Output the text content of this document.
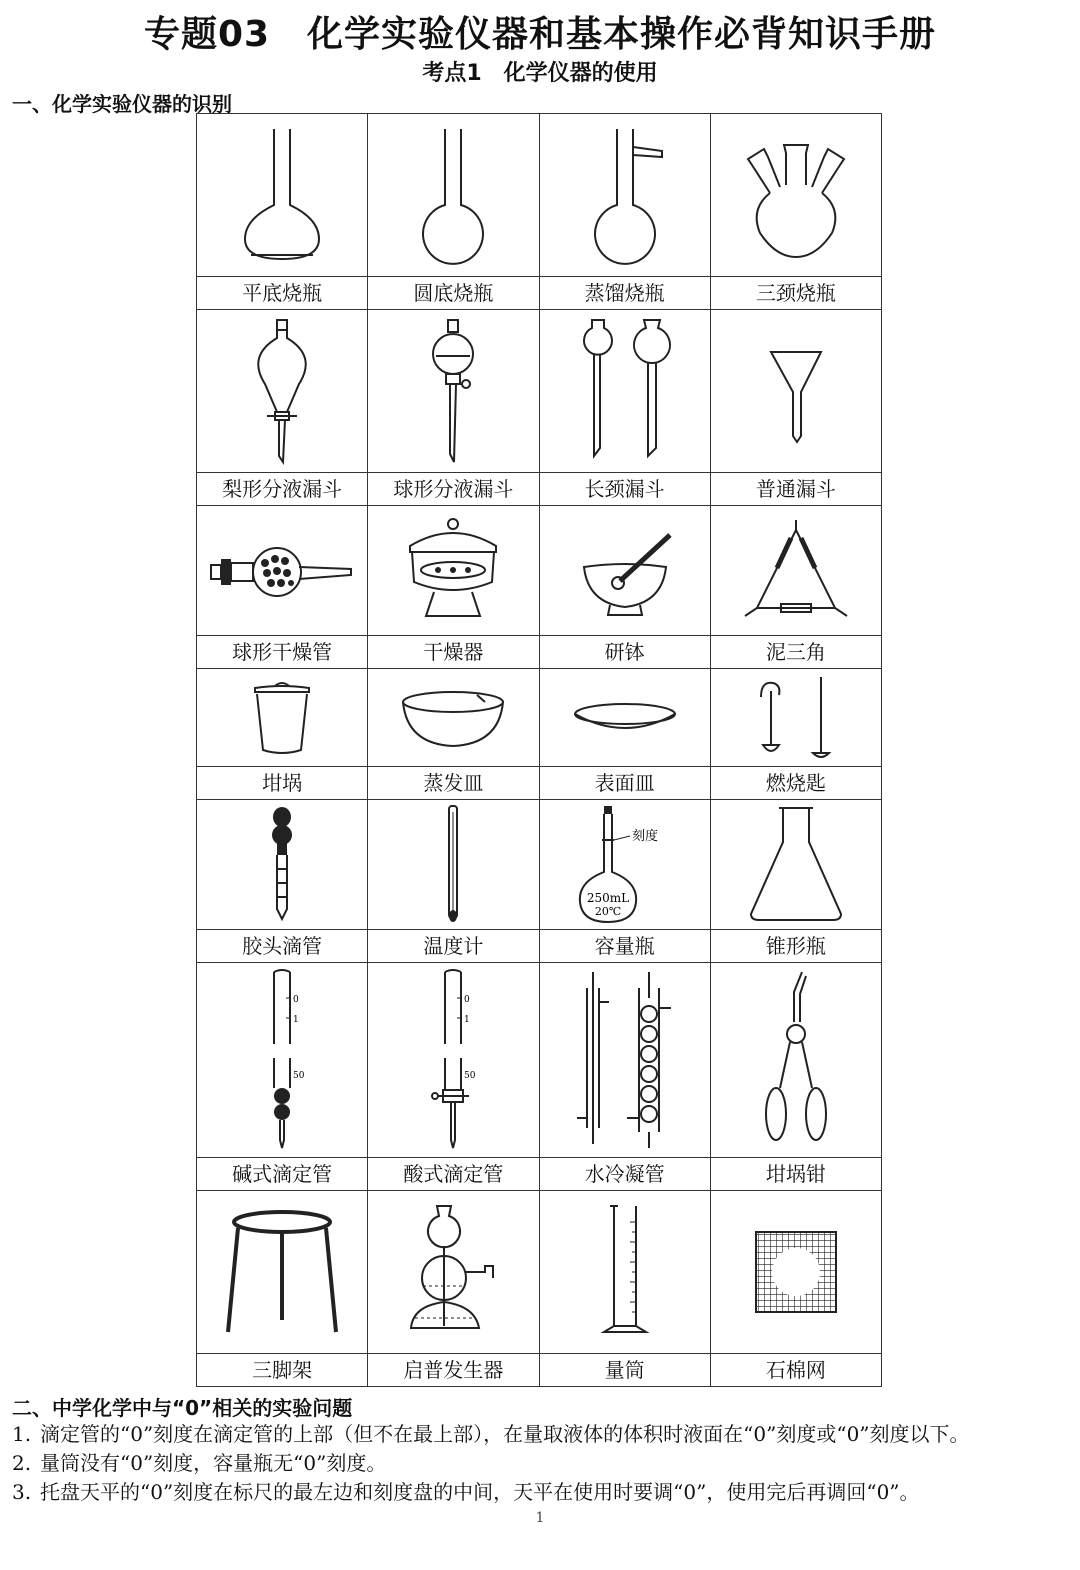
专题03　化学实验仪器和基本操作必背知识手册
考点1　化学仪器的使用
一、化学实验仪器的识别

平底烧瓶	圆底烧瓶	蒸馏烧瓶	三颈烧瓶

梨形分液漏斗	球形分液漏斗	长颈漏斗	普通漏斗

球形干燥管	干燥器	研钵	泥三角

坩埚	蒸发皿	表面皿	燃烧匙

刻度
250mL
20℃

胶头滴管	温度计	容量瓶	锥形瓶

0
1
50	0
1
50

碱式滴定管	酸式滴定管	水冷凝管	坩埚钳

三脚架	启普发生器	量筒	石棉网
二、中学化学中与“0”相关的实验问题
1. 滴定管的“0”刻度在滴定管的上部（但不在最上部），在量取液体的体积时液面在“0”刻度或“0”刻度以下。
2. 量筒没有“0”刻度，容量瓶无“0”刻度。
3. 托盘天平的“0”刻度在标尺的最左边和刻度盘的中间，天平在使用时要调“0”，使用完后再调回“0”。
1
